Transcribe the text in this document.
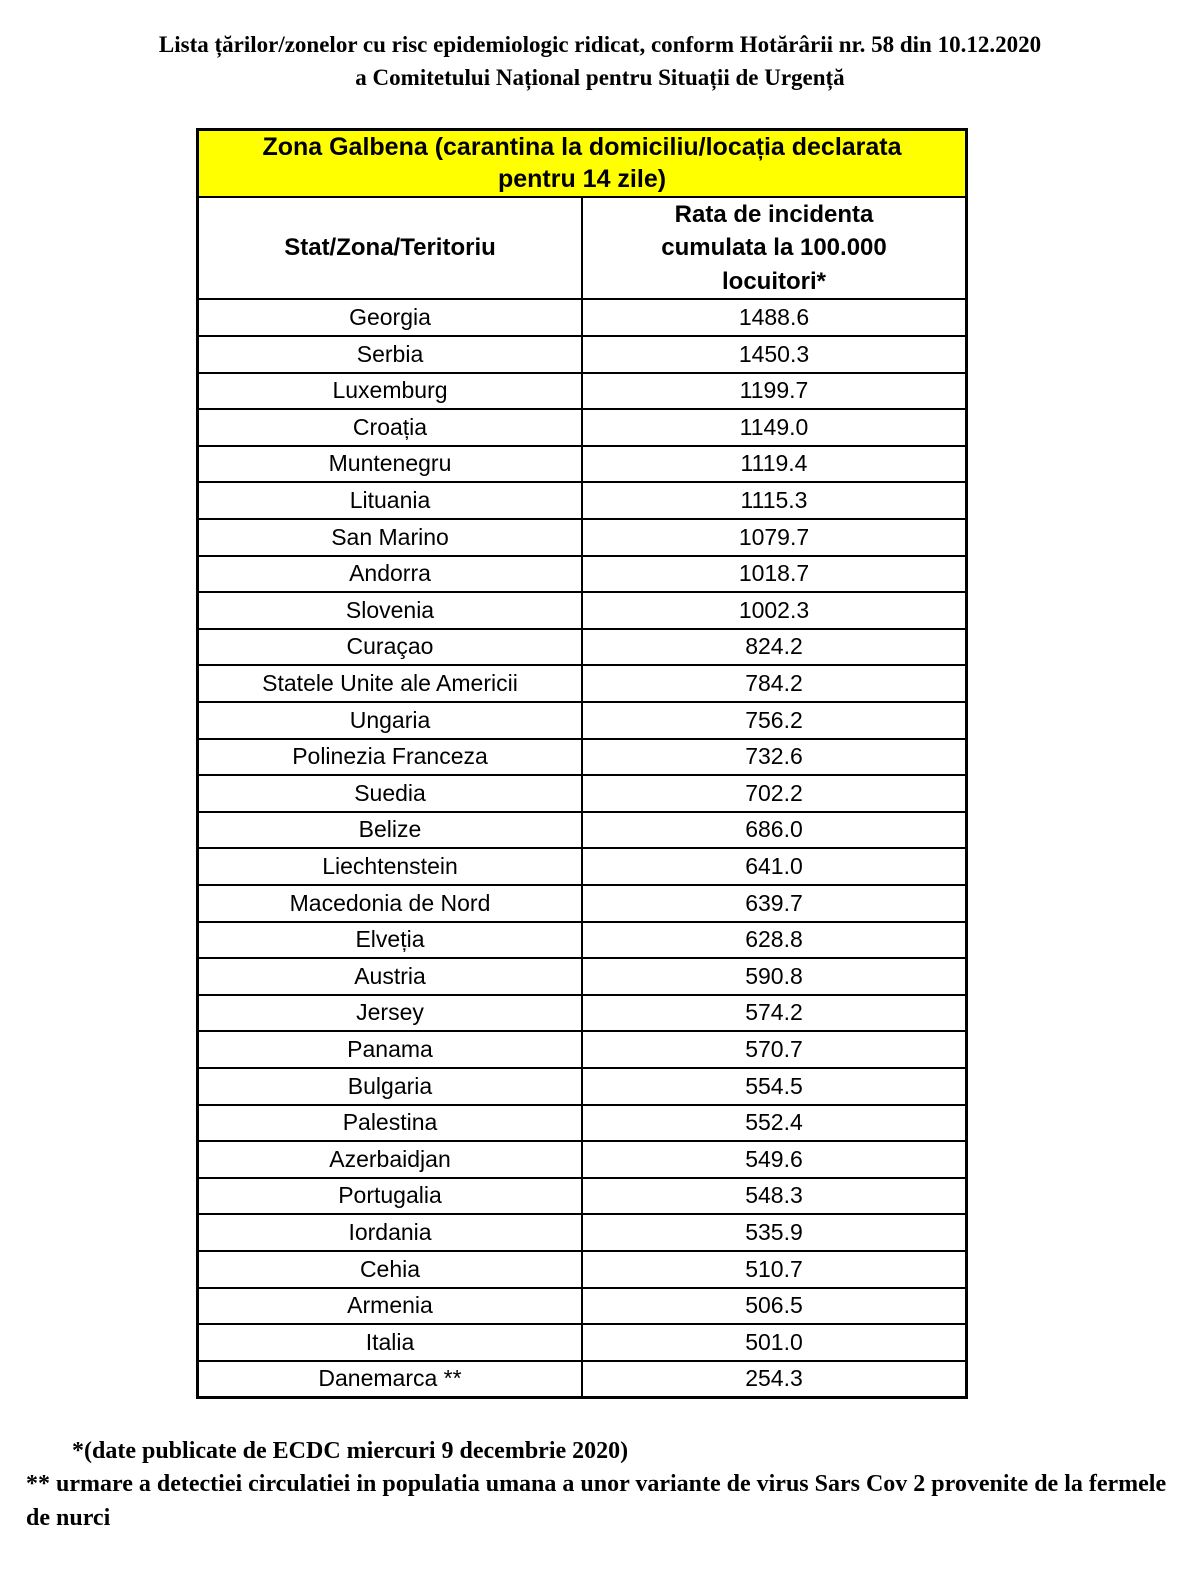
Lista țărilor/zonelor cu risc epidemiologic ridicat, conform Hotărârii nr. 58 din 10.12.2020
a Comitetului Național pentru Situații de Urgență
Zona Galbena (carantina la domiciliu/locația declarata pentru 14 zile)	

Stat/Zona/Teritoriu	Rata de incidenta cumulata la 100.000 locuitori*

Georgia	1488.6
Serbia	1450.3
Luxemburg	1199.7
Croația	1149.0
Muntenegru	1119.4
Lituania	1115.3
San Marino	1079.7
Andorra	1018.7
Slovenia	1002.3
Curaçao	824.2
Statele Unite ale Americii	784.2
Ungaria	756.2
Polinezia Franceza	732.6
Suedia	702.2
Belize	686.0
Liechtenstein	641.0
Macedonia de Nord	639.7
Elveția	628.8
Austria	590.8
Jersey	574.2
Panama	570.7
Bulgaria	554.5
Palestina	552.4
Azerbaidjan	549.6
Portugalia	548.3
Iordania	535.9
Cehia	510.7
Armenia	506.5
Italia	501.0
Danemarca **	254.3
*(date publicate de ECDC miercuri 9 decembrie 2020)
** urmare a detectiei circulatiei in populatia umana a unor variante de virus Sars Cov 2 provenite de la fermele de nurci
